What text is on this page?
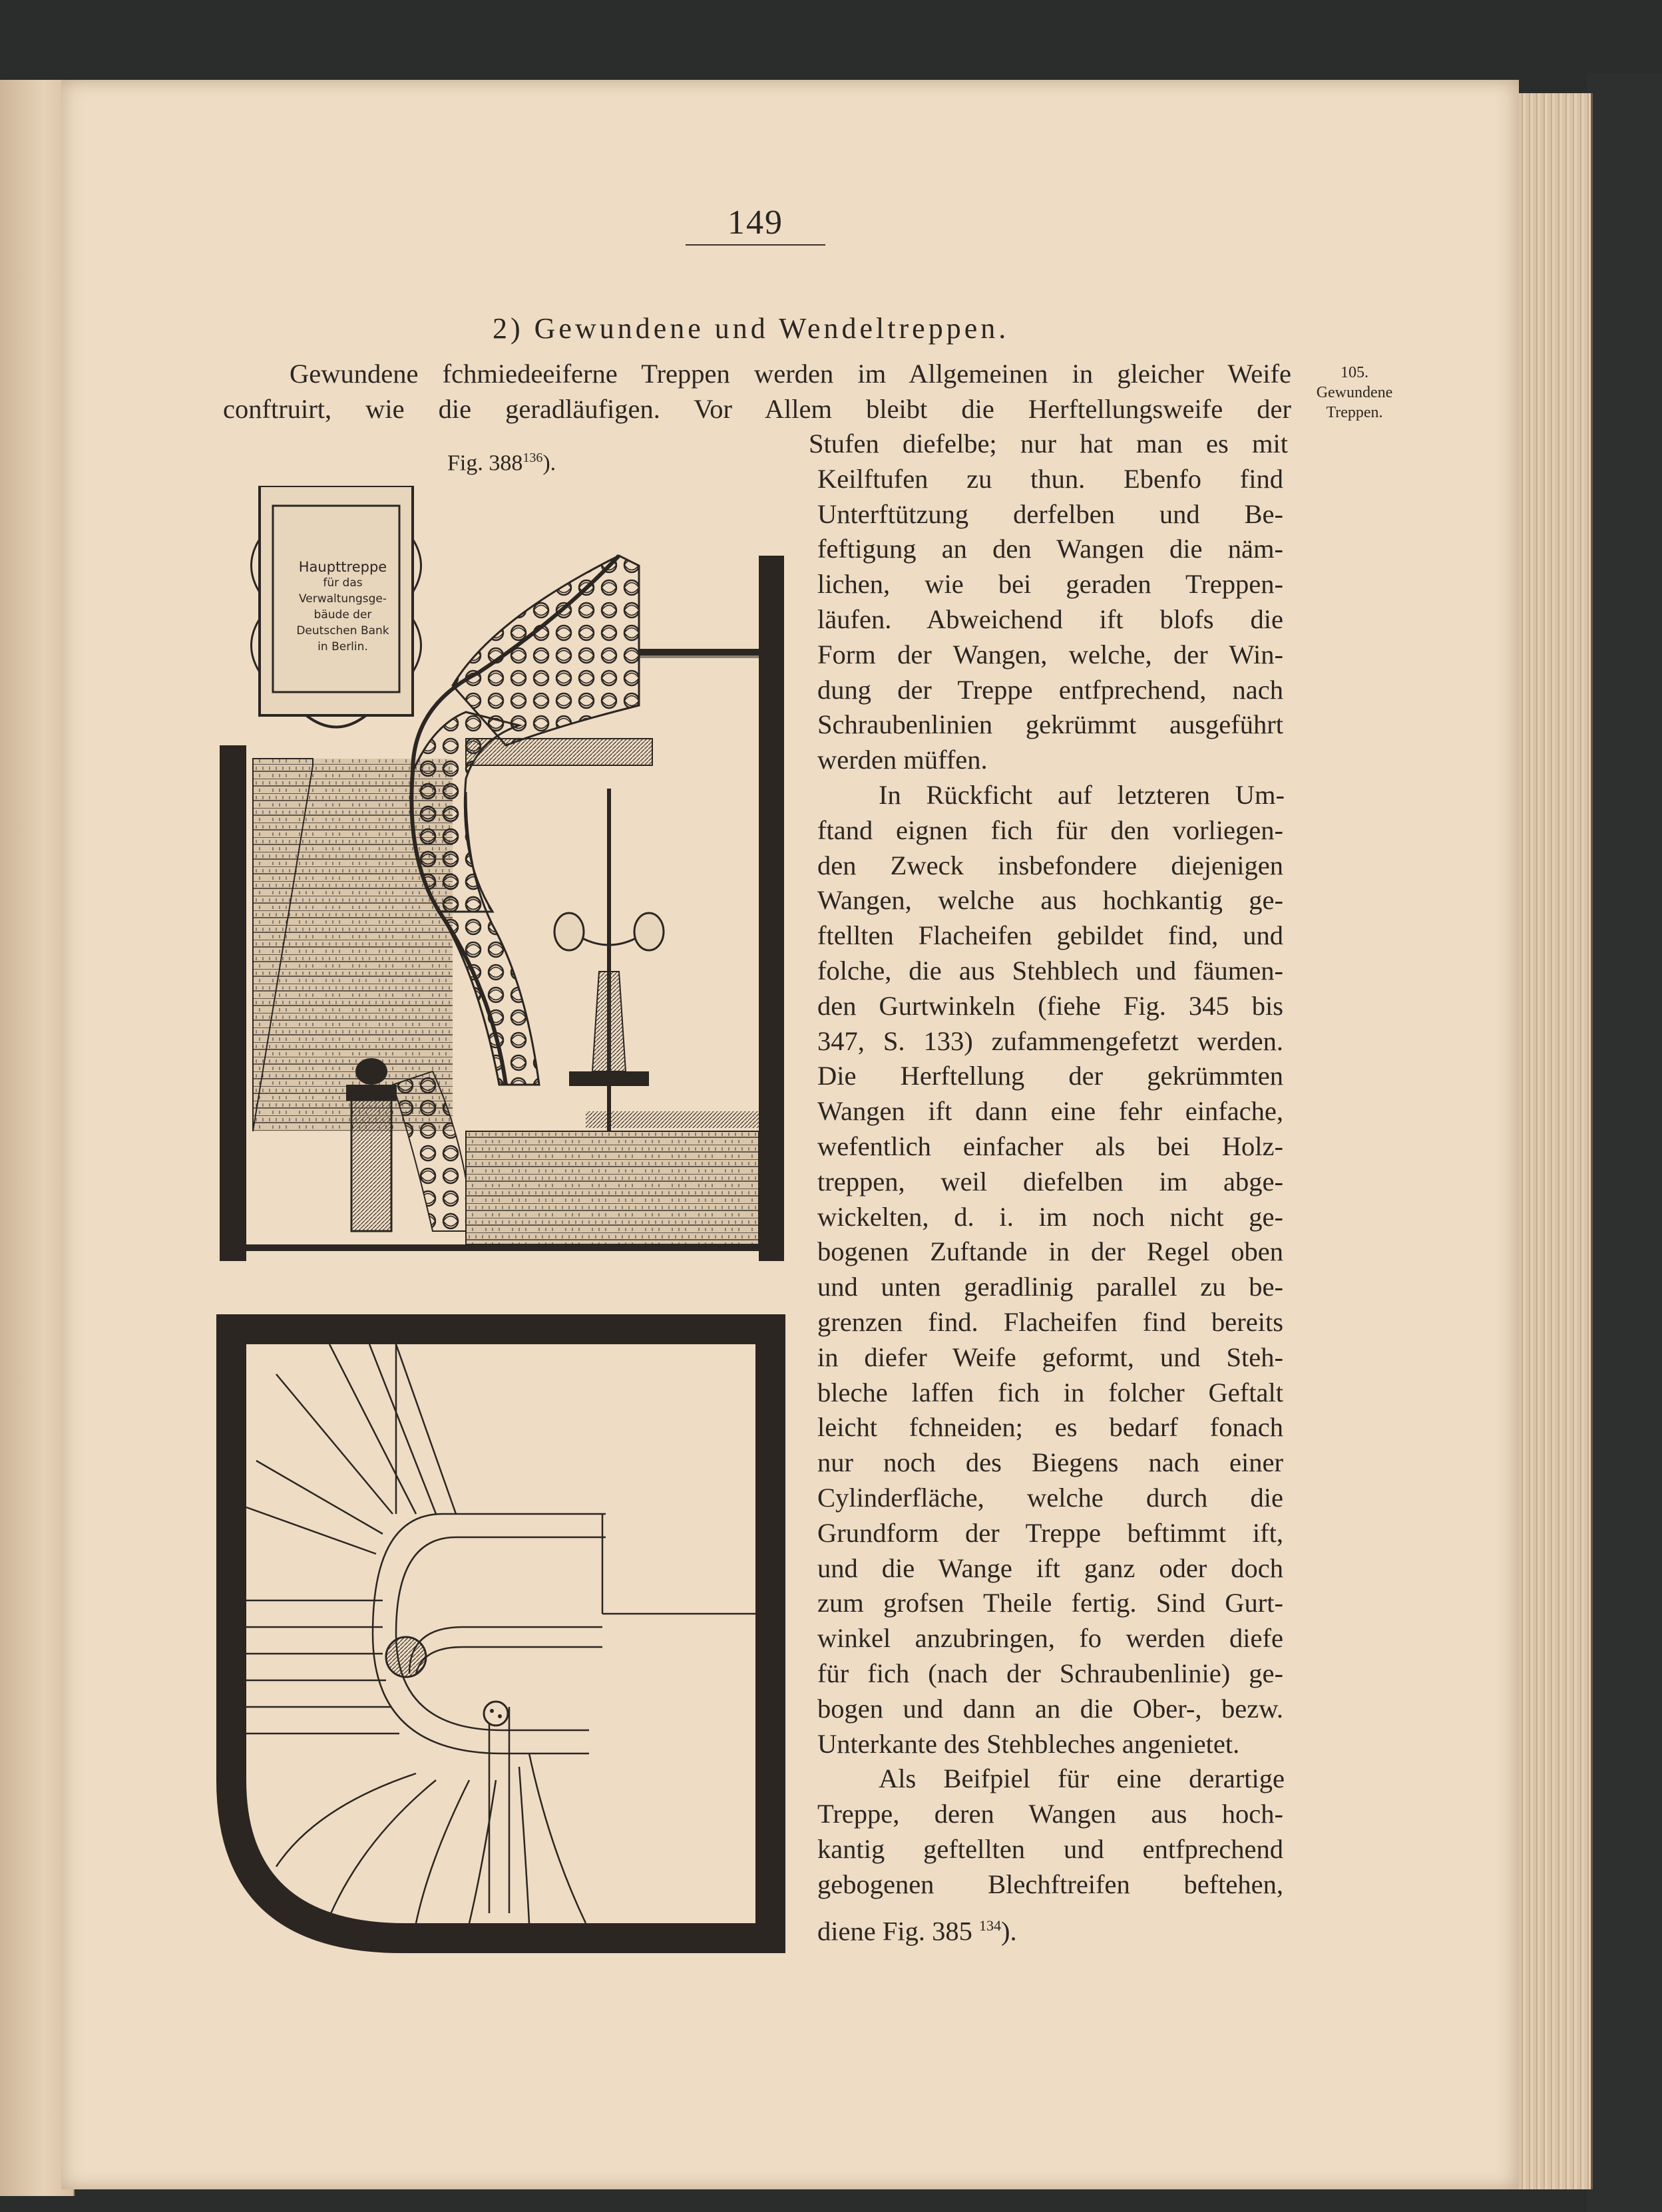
149
2) Gewundene und Wendeltreppen.
Gewundene fchmiedeeiferne Treppen werden im Allgemeinen in gleicher Weife
conftruirt, wie die geradläufigen. Vor Allem bleibt die Herftellungsweife der
105.
Gewundene
Treppen.
Fig. $388^{136}$).
Stufen diefelbe; nur hat man es mit
Keilftufen zu thun. Ebenfo find
Unterftützung derfelben und Be-
feftigung an den Wangen die näm-
lichen, wie bei geraden Treppen-
läufen. Abweichend ift blofs die
Form der Wangen, welche, der Win-
dung der Treppe entfprechend, nach
Schraubenlinien gekrümmt ausgeführt
werden müffen.
In Rückficht auf letzteren Um-
ftand eignen fich für den vorliegen-
den Zweck insbefondere diejenigen
Wangen, welche aus hochkantig ge-
ftellten Flacheifen gebildet find, und
folche, die aus Stehblech und fäumen-
den Gurtwinkeln (fiehe Fig. 345 bis
347, S. 133) zufammengefetzt werden.
Die Herftellung der gekrümmten
Wangen ift dann eine fehr einfache,
wefentlich einfacher als bei Holz-
treppen, weil diefelben im abge-
wickelten, d. i. im noch nicht ge-
bogenen Zuftande in der Regel oben
und unten geradlinig parallel zu be-
grenzen find. Flacheifen find bereits
in diefer Weife geformt, und Steh-
bleche laffen fich in folcher Geftalt
leicht fchneiden; es bedarf fonach
nur noch des Biegens nach einer
Cylinderfläche, welche durch die
Grundform der Treppe beftimmt ift,
und die Wange ift ganz oder doch
zum grofsen Theile fertig. Sind Gurt-
winkel anzubringen, fo werden diefe
für fich (nach der Schraubenlinie) ge-
bogen und dann an die Ober-, bezw.
Unterkante des Stehbleches angenietet.
Als Beifpiel für eine derartige
Treppe, deren Wangen aus hoch-
kantig geftellten und entfprechend
gebogenen Blechftreifen beftehen,
diene Fig. 385 $^{134}$).
Haupttreppe
für das
Verwaltungsge-
bäude der
Deutschen Bank
in Berlin.
